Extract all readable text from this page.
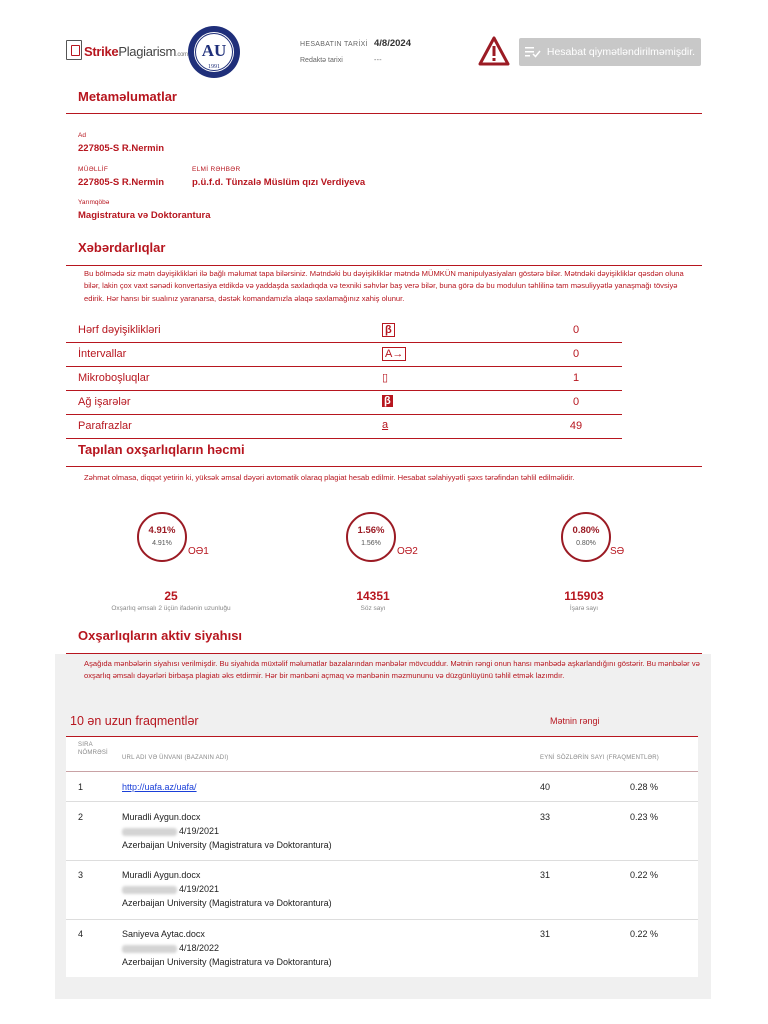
StrikePlagiarism.com AU
1991
HESABATIN TARİXİ 4/8/2024
Redaktə tarixi	---
Hesabat qiymətləndirilməmişdir.
Metaməlumatlar
Ad
227805-S R.Nermin
MÜƏLLİF
227805-S R.Nermin
ELMİ RƏHBƏR
p.ü.f.d. Tünzalə Müslüm qızı Verdiyeva
Yarımqöbə
Magistratura və Doktorantura
Xəbərdarlıqlar
Bu bölmədə siz mətn dəyişiklikləri ilə bağlı məlumat tapa bilərsiniz. Mətndəki bu dəyişikliklər mətndə MÜMKÜN manipulyasiyaları göstərə bilər. Mətndəki dəyişikliklər qəsdən oluna bilər, lakin çox vaxt sənədi konvertasiya etdikdə və yaddaşda saxladıqda və texniki səhvlər baş verə bilər, buna görə də bu modulun təhlilinə tam məsuliyyətlə yanaşmağı tövsiyə edirik. Hər hansı bir sualınız yaranarsa, dəstək komandamızla əlaqə saxlamağınız xahiş olunur.
Hərf dəyişiklikləri	β	0
İntervallar	A→	0
Mikroboşluqlar	▯	1
Ağ işarələr	β	0
Parafrazlar	a	49
Tapılan oxşarlıqların həcmi
Zəhmət olmasa, diqqət yetirin ki, yüksək əmsal dəyəri avtomatik olaraq plagiat hesab edilmir. Hesabat səlahiyyətli şəxs tərəfindən təhlil edilməlidir.
4.91%
4.91%
OƏ1
1.56%
1.56%
OƏ2
0.80%
0.80%
SƏ
25
Oxşarlıq əmsalı 2 üçün ifadənin uzunluğu
14351
Söz sayı
115903
İşarə sayı
Oxşarlıqların aktiv siyahısı
Aşağıda mənbələrin siyahısı verilmişdir. Bu siyahıda müxtəlif məlumatlar bazalarından mənbələr mövcuddur. Mətnin rəngi onun hansı mənbədə aşkarlandığını göstərir. Bu mənbələr və oxşarlıq əmsalı dəyərləri birbaşa plagiatı əks etdirmir. Hər bir mənbəni açmaq və mənbənin məzmununu və düzgünlüyünü təhlil etmək lazımdır.
10 ən uzun fraqmentlər	Mətnin rəngi
SIRA
NÖMRƏSİ
URL ADI VƏ ÜNVANI (BAZANIN ADI)	EYNİ SÖZLƏRİN SAYI (FRAQMENTLƏR)
1	http://uafa.az/uafa/	40	0.28 %
2	Muradli Aygun.docx
4/19/2021
Azerbaijan University (Magistratura və Doktorantura)
33	0.23 %
3	Muradli Aygun.docx
4/19/2021
Azerbaijan University (Magistratura və Doktorantura)
31	0.22 %
4	Saniyeva Aytac.docx
4/18/2022
Azerbaijan University (Magistratura və Doktorantura)
31	0.22 %
